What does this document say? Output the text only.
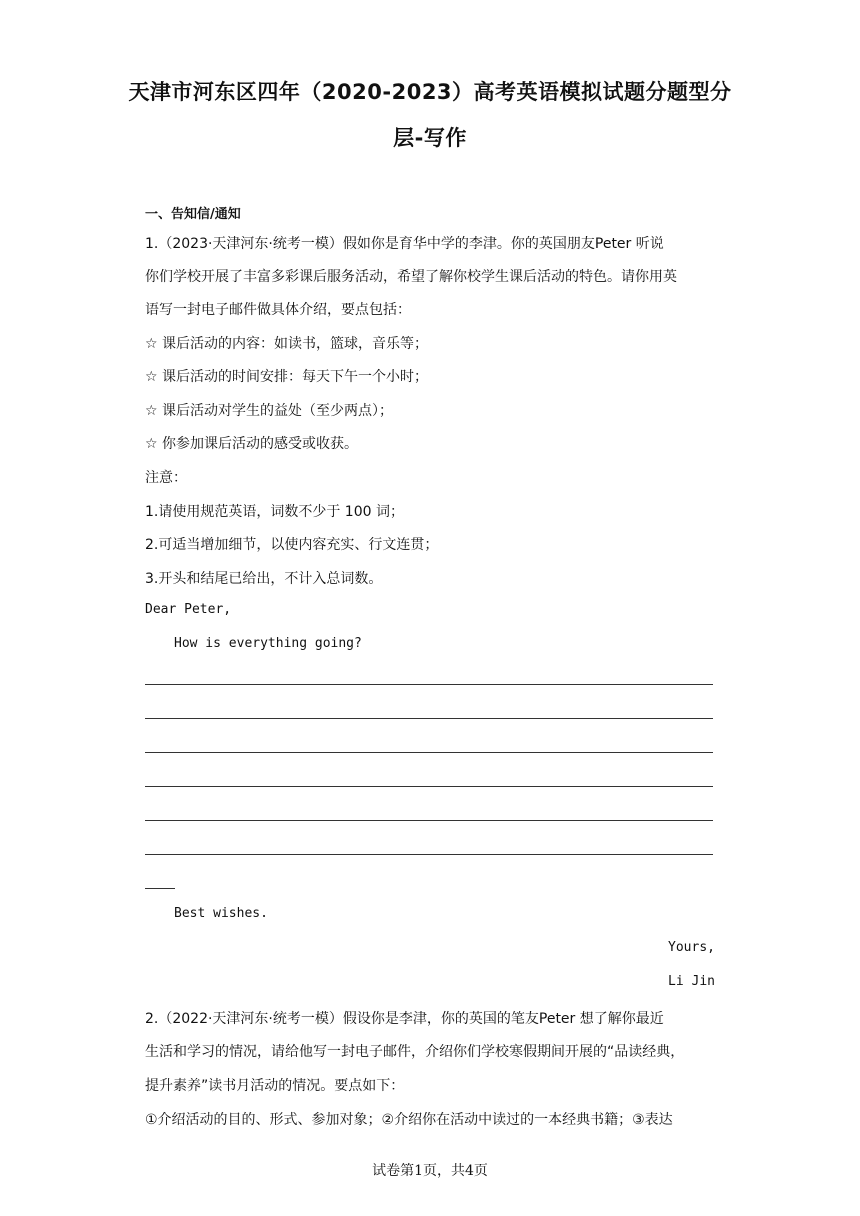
天津市河东区四年（2020-2023）高考英语模拟试题分题型分
层-写作
一、告知信/通知
1.（2023·天津河东·统考一模）假如你是育华中学的李津。你的英国朋友Peter 听说
你们学校开展了丰富多彩课后服务活动，希望了解你校学生课后活动的特色。请你用英
语写一封电子邮件做具体介绍，要点包括：
☆ 课后活动的内容：如读书，篮球，音乐等；
☆ 课后活动的时间安排：每天下午一个小时；
☆ 课后活动对学生的益处（至少两点）；
☆ 你参加课后活动的感受或收获。
注意：
1.请使用规范英语，词数不少于 100 词；
2.可适当增加细节，以使内容充实、行文连贯；
3.开头和结尾已给出，不计入总词数。
Dear Peter,
How is everything going?
Best wishes.
Yours,
Li Jin
2.（2022·天津河东·统考一模）假设你是李津，你的英国的笔友Peter 想了解你最近
生活和学习的情况，请给他写一封电子邮件，介绍你们学校寒假期间开展的“品读经典，
提升素养”读书月活动的情况。要点如下：
①介绍活动的目的、形式、参加对象；②介绍你在活动中读过的一本经典书籍；③表达
试卷第1页，共4页
